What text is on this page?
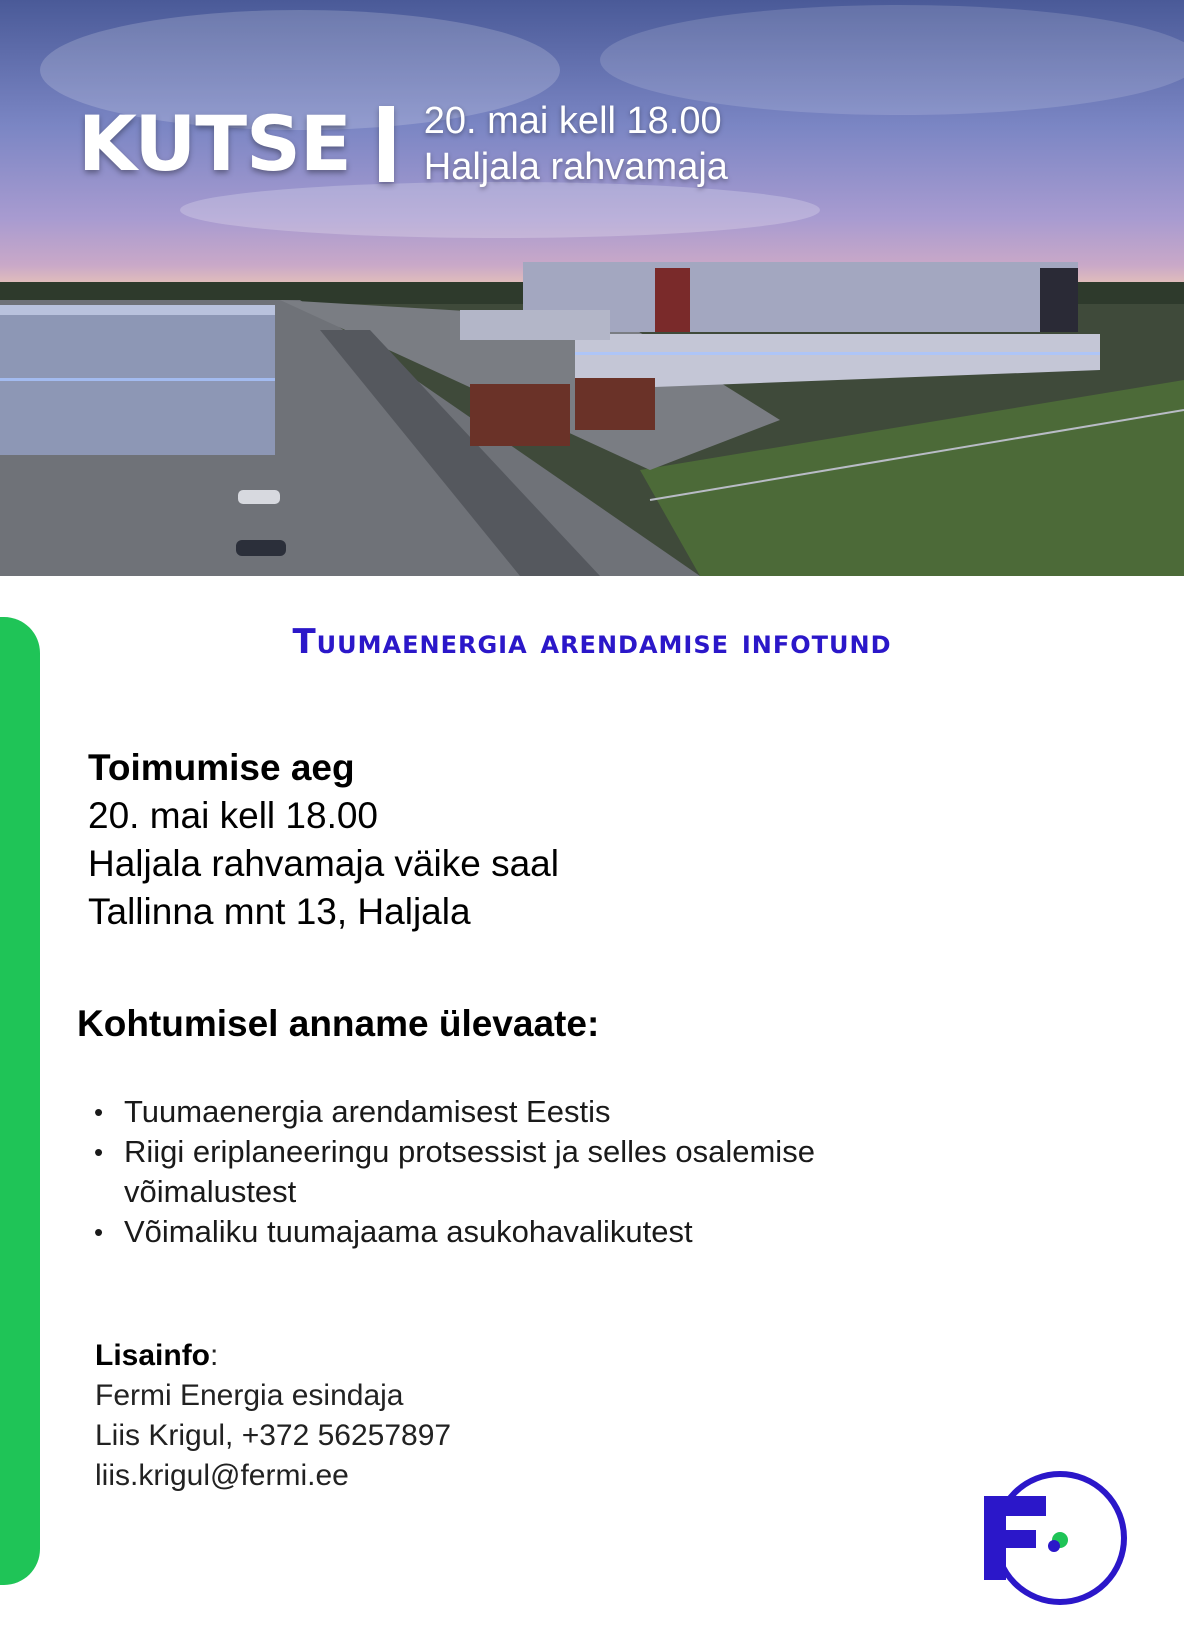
KUTSE 20. mai kell 18.00
Haljala rahvamaja
Tuumaenergia arendamise infotund
Toimumise aeg
20. mai kell 18.00
Haljala rahvamaja väike saal
Tallinna mnt 13, Haljala
Kohtumisel anname ülevaate:
• Tuumaenergia arendamisest Eestis
• Riigi eriplaneeringu protsessist ja selles osalemise võimalustest
• Võimaliku tuumajaama asukohavalikutest
Lisainfo:
Fermi Energia esindaja
Liis Krigul, +372 56257897
liis.krigul@fermi.ee
